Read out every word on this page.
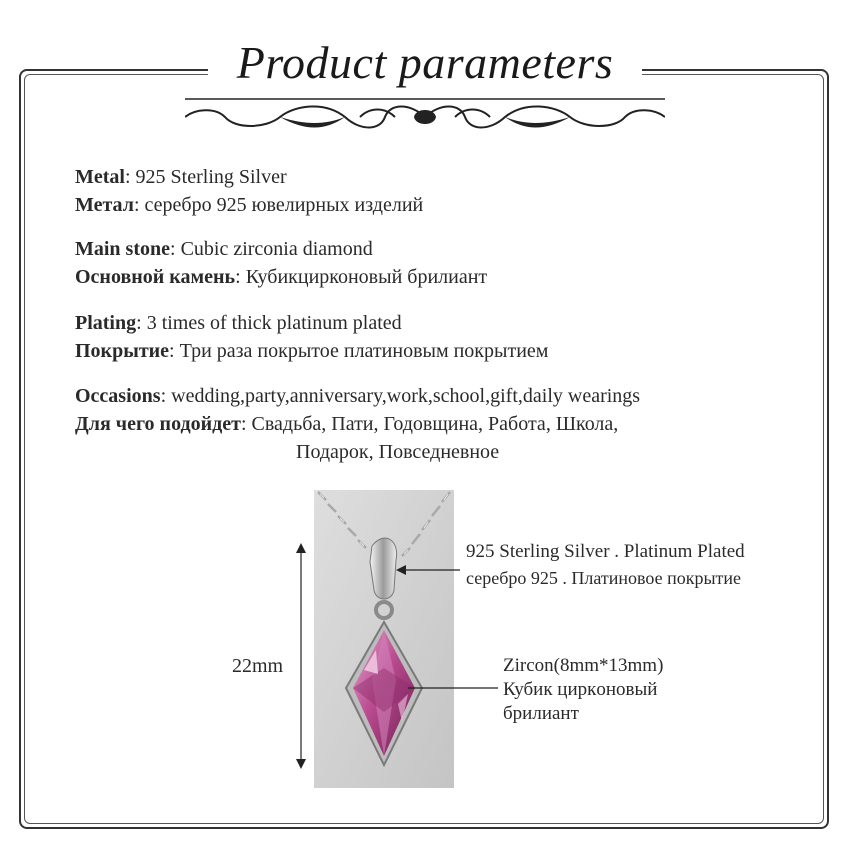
Product parameters
Metal: 925 Sterling Silver
Метал: серебро 925 ювелирных изделий
Main stone: Cubic zirconia diamond
Основной камень: Кубикцирконовый брилиант
Plating: 3 times of thick platinum plated
Покрытие: Три раза покрытое платиновым покрытием
Occasions: wedding,party,anniversary,work,school,gift,daily wearings
Для чего подойдет: Свадьба, Пати, Годовщина, Работа, Школа,
Подарок, Повседневное
22mm
925 Sterling Silver . Platinum Plated
серебро 925 . Платиновое покрытие
Zircon(8mm*13mm)
Кубик циркoновый
брилиант
